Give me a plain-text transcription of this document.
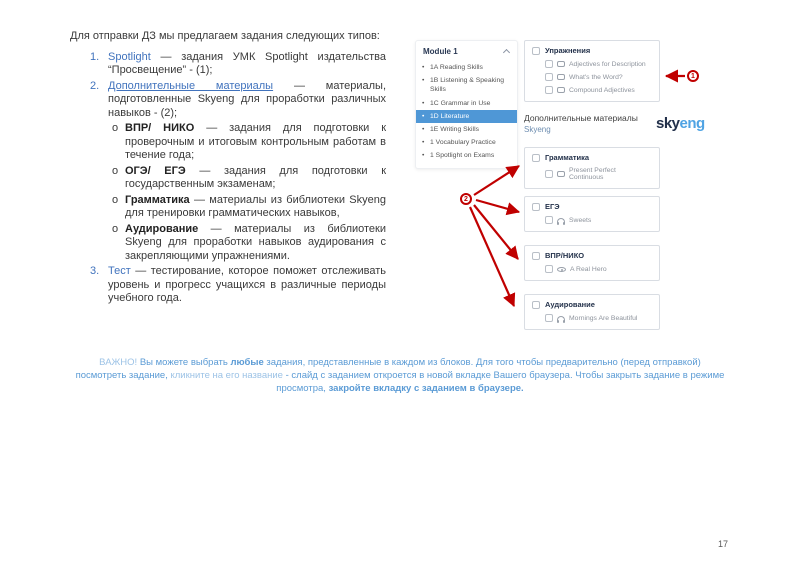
Для отправки ДЗ мы предлагаем задания следующих типов:

1. Spotlight — задания УМК Spotlight издательства “Просвещение” - (1);
2. Дополнительные материалы — материалы, подготовленные Skyeng для проработки различных навыков - (2);
o ВПР/ НИКО — задания для подготовки к проверочным и итоговым контрольным работам в течение года;
o ОГЭ/ ЕГЭ — задания для подготовки к государственным экзаменам;
o Грамматика — материалы из библиотеки Skyeng для тренировки грамматических навыков,
o Аудирование — материалы из библиотеки Skyeng для проработки навыков аудирования с закрепляющими упражнениями.
3. Тест — тестирование, которое поможет отслеживать уровень и прогресс учащихся в различные периоды учебного года.
Module 1
• 1A Reading Skills
• 1B Listening & Speaking Skills
• 1C Grammar in Use
• 1D Literature
• 1E Writing Skills
• 1 Vocabulary Practice
• 1 Spotlight on Exams
Упражнения
Adjectives for Description
What's the Word?
Compound Adjectives
Дополнительные материалы
Skyeng	skyeng
Грамматика
Present Perfect Continuous
ЕГЭ
Sweets
ВПР/НИКО
A Real Hero
Аудирование
Mornings Are Beautiful
1
2

ВАЖНО! Вы можете выбрать любые задания, представленные в каждом из блоков. Для того чтобы предварительно (перед отправкой) посмотреть задание, кликните на его название - слайд с заданием откроется в новой вкладке Вашего браузера. Чтобы закрыть задание в режиме просмотра, закройте вкладку с заданием в браузере.

17
